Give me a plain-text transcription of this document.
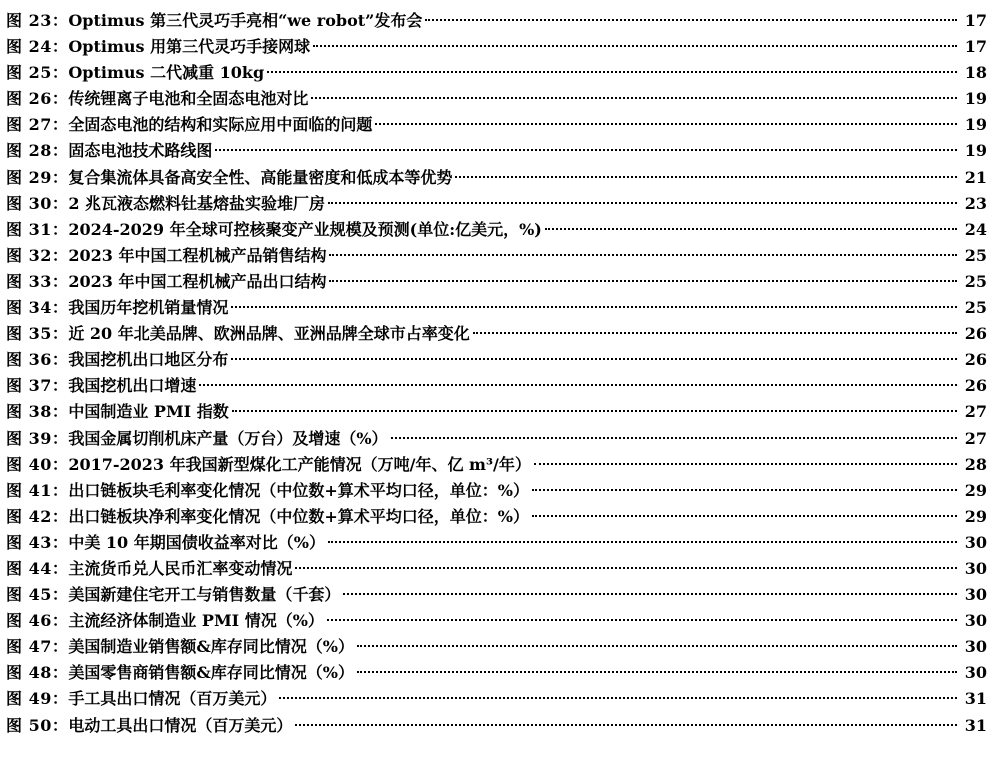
图 23： Optimus 第三代灵巧手亮相“we robot”发布会	17
图 24： Optimus 用第三代灵巧手接网球	17
图 25： Optimus 二代减重 10kg	18
图 26： 传统锂离子电池和全固态电池对比	19
图 27： 全固态电池的结构和实际应用中面临的问题	19
图 28： 固态电池技术路线图	19
图 29： 复合集流体具备高安全性、高能量密度和低成本等优势	21
图 30： 2 兆瓦液态燃料钍基熔盐实验堆厂房	23
图 31： 2024-2029 年全球可控核聚变产业规模及预测(单位:亿美元，%)	24
图 32： 2023 年中国工程机械产品销售结构	25
图 33： 2023 年中国工程机械产品出口结构	25
图 34： 我国历年挖机销量情况	25
图 35： 近 20 年北美品牌、欧洲品牌、亚洲品牌全球市占率变化	26
图 36： 我国挖机出口地区分布	26
图 37： 我国挖机出口增速	26
图 38： 中国制造业 PMI 指数	27
图 39： 我国金属切削机床产量（万台）及增速（%）	27
图 40： 2017-2023 年我国新型煤化工产能情况（万吨/年、亿 m³/年）	28
图 41： 出口链板块毛利率变化情况（中位数+算术平均口径，单位：%）	29
图 42： 出口链板块净利率变化情况（中位数+算术平均口径，单位：%）	29
图 43： 中美 10 年期国债收益率对比（%）	30
图 44： 主流货币兑人民币汇率变动情况	30
图 45： 美国新建住宅开工与销售数量（千套）	30
图 46： 主流经济体制造业 PMI 情况（%）	30
图 47： 美国制造业销售额&库存同比情况（%）	30
图 48： 美国零售商销售额&库存同比情况（%）	30
图 49： 手工具出口情况（百万美元）	31
图 50： 电动工具出口情况（百万美元）	31
